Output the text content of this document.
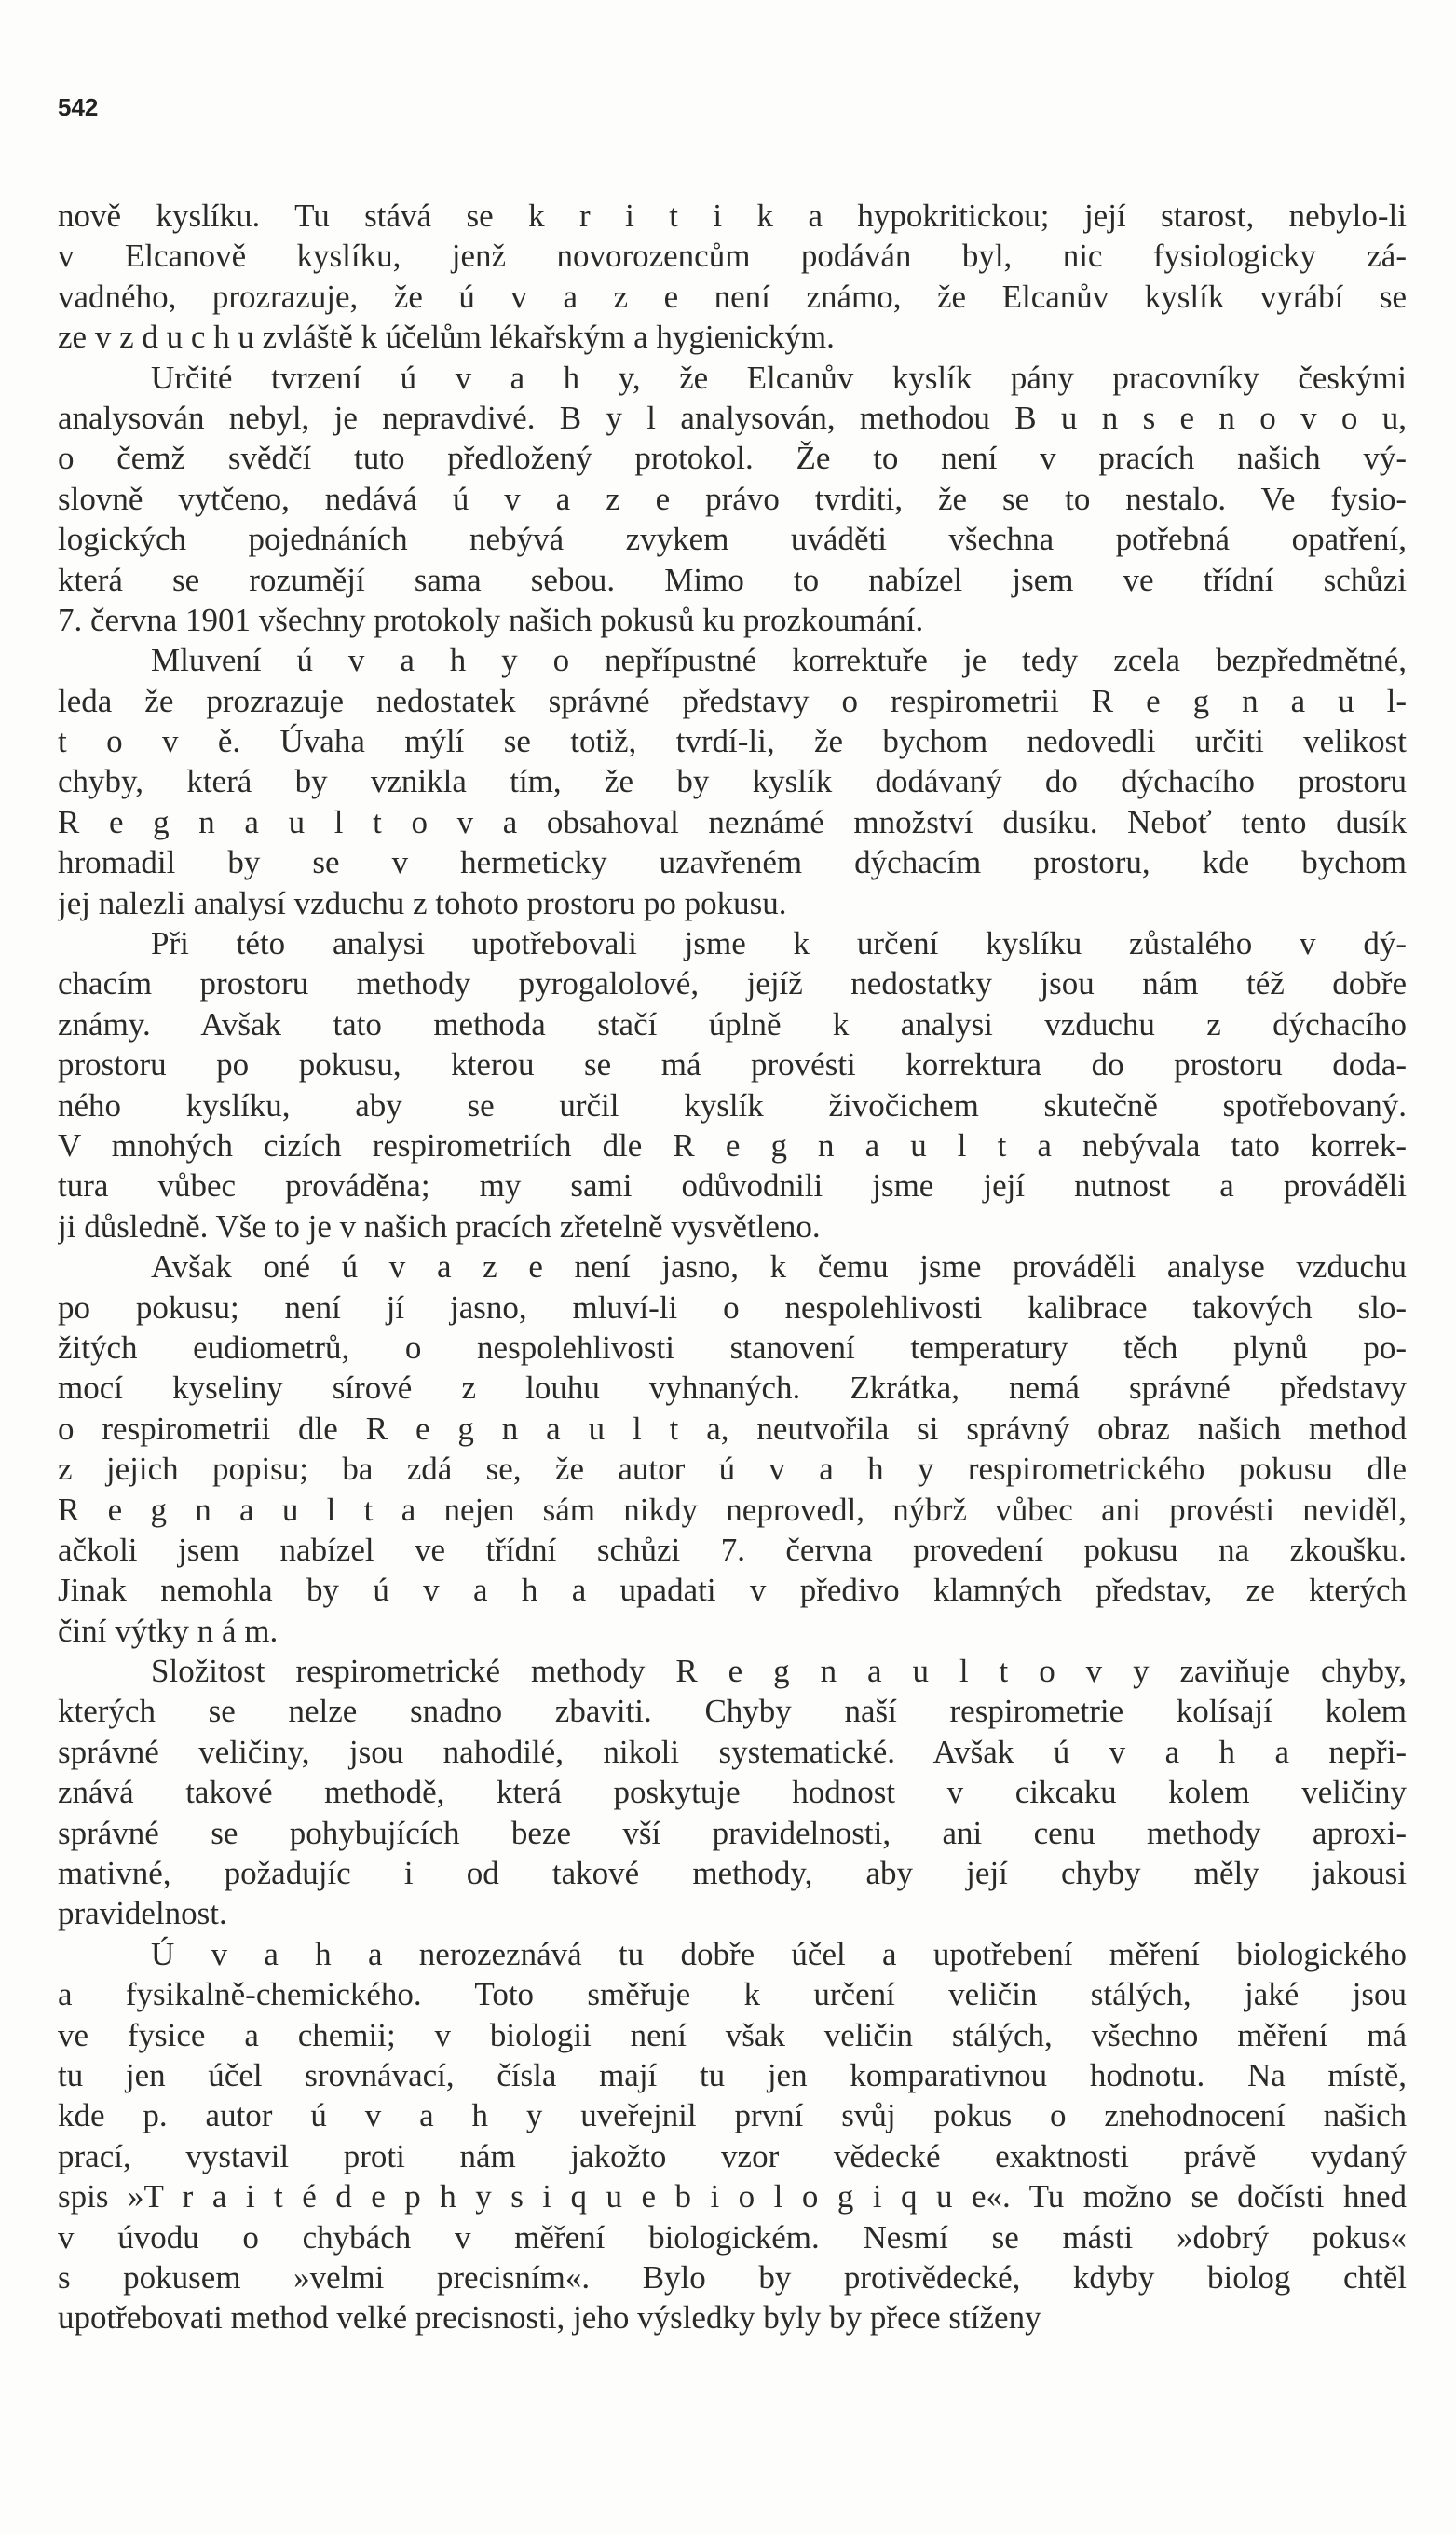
542
nově kyslíku. Tu stává se k r i t i k a hypokritickou; její starost, nebylo-li
v Elcanově kyslíku, jenž novorozencům podáván byl, nic fysiologicky zá-
vadného, prozrazuje, že ú v a z e není známo, že Elcanův kyslík vyrábí se
ze v z d u c h u zvláště k účelům lékařským a hygienickým.
Určité tvrzení ú v a h y, že Elcanův kyslík pány pracovníky českými
analysován nebyl, je nepravdivé. B y l analysován, methodou B u n s e n o v o u,
o čemž svědčí tuto předložený protokol. Že to není v pracích našich vý-
slovně vytčeno, nedává ú v a z e právo tvrditi, že se to nestalo. Ve fysio-
logických pojednáních nebývá zvykem uváděti všechna potřebná opatření,
která se rozumějí sama sebou. Mimo to nabízel jsem ve třídní schůzi
7. června 1901 všechny protokoly našich pokusů ku prozkoumání.
Mluvení ú v a h y o nepřípustné korrektuře je tedy zcela bezpředmětné,
leda že prozrazuje nedostatek správné představy o respirometrii R e g n a u l-
t o v ě. Úvaha mýlí se totiž, tvrdí-li, že bychom nedovedli určiti velikost
chyby, která by vznikla tím, že by kyslík dodávaný do dýchacího prostoru
R e g n a u l t o v a obsahoval neznámé množství dusíku. Neboť tento dusík
hromadil by se v hermeticky uzavřeném dýchacím prostoru, kde bychom
jej nalezli analysí vzduchu z tohoto prostoru po pokusu.
Při této analysi upotřebovali jsme k určení kyslíku zůstalého v dý-
chacím prostoru methody pyrogalolové, jejíž nedostatky jsou nám též dobře
známy. Avšak tato methoda stačí úplně k analysi vzduchu z dýchacího
prostoru po pokusu, kterou se má provésti korrektura do prostoru doda-
ného kyslíku, aby se určil kyslík živočichem skutečně spotřebovaný.
V mnohých cizích respirometriích dle R e g n a u l t a nebývala tato korrek-
tura vůbec prováděna; my sami odůvodnili jsme její nutnost a prováděli
ji důsledně. Vše to je v našich pracích zřetelně vysvětleno.
Avšak oné ú v a z e není jasno, k čemu jsme prováděli analyse vzduchu
po pokusu; není jí jasno, mluví-li o nespolehlivosti kalibrace takových slo-
žitých eudiometrů, o nespolehlivosti stanovení temperatury těch plynů po-
mocí kyseliny sírové z louhu vyhnaných. Zkrátka, nemá správné představy
o respirometrii dle R e g n a u l t a, neutvořila si správný obraz našich method
z jejich popisu; ba zdá se, že autor ú v a h y respirometrického pokusu dle
R e g n a u l t a nejen sám nikdy neprovedl, nýbrž vůbec ani provésti neviděl,
ačkoli jsem nabízel ve třídní schůzi 7. června provedení pokusu na zkoušku.
Jinak nemohla by ú v a h a upadati v předivo klamných představ, ze kterých
činí výtky n á m.
Složitost respirometrické methody R e g n a u l t o v y zaviňuje chyby,
kterých se nelze snadno zbaviti. Chyby naší respirometrie kolísají kolem
správné veličiny, jsou nahodilé, nikoli systematické. Avšak ú v a h a nepři-
znává takové methodě, která poskytuje hodnost v cikcaku kolem veličiny
správné se pohybujících beze vší pravidelnosti, ani cenu methody aproxi-
mativné, požadujíc i od takové methody, aby její chyby měly jakousi
pravidelnost.
Ú v a h a nerozeznává tu dobře účel a upotřebení měření biologického
a fysikalně-chemického. Toto směřuje k určení veličin stálých, jaké jsou
ve fysice a chemii; v biologii není však veličin stálých, všechno měření má
tu jen účel srovnávací, čísla mají tu jen komparativnou hodnotu. Na místě,
kde p. autor ú v a h y uveřejnil první svůj pokus o znehodnocení našich
prací, vystavil proti nám jakožto vzor vědecké exaktnosti právě vydaný
spis »T r a i t é d e p h y s i q u e b i o l o g i q u e«. Tu možno se dočísti hned
v úvodu o chybách v měření biologickém. Nesmí se másti »dobrý pokus«
s pokusem »velmi precisním«. Bylo by protivědecké, kdyby biolog chtěl
upotřebovati method velké precisnosti, jeho výsledky byly by přece stíženy
